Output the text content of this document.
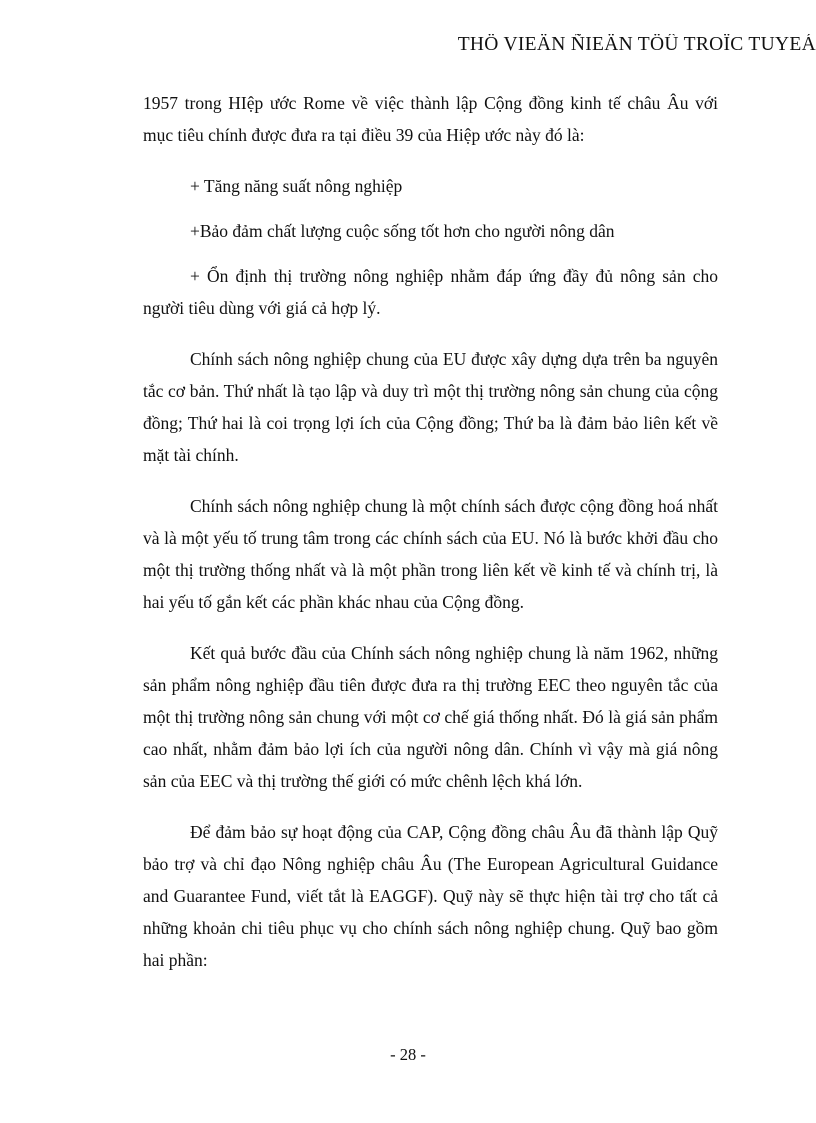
THÖ VIEÄN ÑIEÄN TÖÛ TROÏC TUYEÁ

1957 trong HIệp ước Rome về việc thành lập Cộng đồng kinh tế châu Âu với mục tiêu chính được đưa ra tại điều 39 của Hiệp ước này đó là:

+ Tăng năng suất nông nghiệp

+Bảo đảm chất lượng cuộc sống tốt hơn cho người nông dân

+ Ổn định thị trường nông nghiệp nhằm đáp ứng đầy đủ nông sản cho người tiêu dùng với giá cả hợp lý.

Chính sách nông nghiệp chung của EU được xây dựng dựa trên ba nguyên tắc cơ bản. Thứ nhất là tạo lập và duy trì một thị trường nông sản chung của cộng đồng; Thứ hai là coi trọng lợi ích của Cộng đồng; Thứ ba là đảm bảo liên kết về mặt tài chính.

Chính sách nông nghiệp chung là một chính sách được cộng đồng hoá nhất và là một yếu tố trung tâm trong các chính sách của EU. Nó là bước khởi đầu cho một thị trường thống nhất và là một phần trong liên kết về kinh tế và chính trị, là hai yếu tố gắn kết các phần khác nhau của Cộng đồng.

Kết quả bước đầu của Chính sách nông nghiệp chung là năm 1962, những sản phẩm nông nghiệp đầu tiên được đưa ra thị trường EEC theo nguyên tắc của một thị trường nông sản chung với một cơ chế giá thống nhất. Đó là giá sản phẩm cao nhất, nhằm đảm bảo lợi ích của người nông dân. Chính vì vậy mà giá nông sản của EEC và thị trường thế giới có mức chênh lệch khá lớn.

Để đảm bảo sự hoạt động của CAP, Cộng đồng châu Âu đã thành lập Quỹ bảo trợ và chỉ đạo Nông nghiệp châu Âu (The European Agricultural Guidance and Guarantee Fund, viết tắt là EAGGF). Quỹ này sẽ thực hiện tài trợ cho tất cả những khoản chi tiêu phục vụ cho chính sách nông nghiệp chung. Quỹ bao gồm hai phần:

- 28 -
